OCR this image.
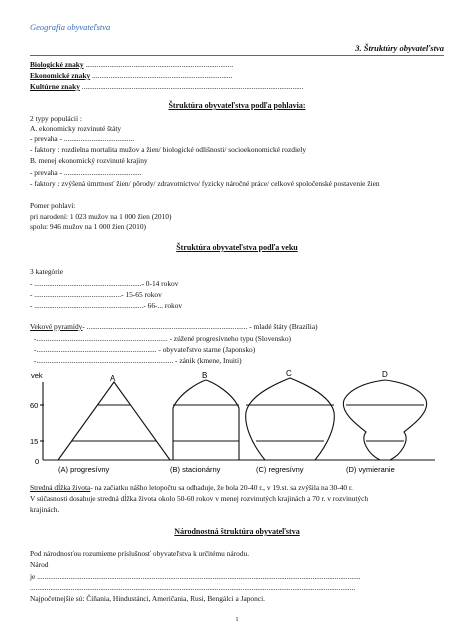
Geografia obyvateľstva
3. Štruktúry obyvateľstva
Biologické znaky ................................................................................
Ekonomické znaky ............................................................................
Kultúrne znaky ........................................................................................................................
Štruktúra obyvateľstva podľa pohlavia:
2 typy populácií :
A. ekonomicky rozvinuté štáty
- prevaha - ......................................
- faktory : rozdielna mortalita mužov a žien/ biologické odlišnosti/ socioekonomické rozdiely
B. menej ekonomický rozvinuté krajiny
- prevaha - ..........................................
- faktory : zvýšená úmrtnosť žien/ pôrody/ zdravotníctvo/ fyzicky náročné práce/ celkové spoločenské postavenie žien
Pomer pohlaví:
pri narodení: 1 023 mužov na 1 000 žien (2010)
spolu: 946 mužov na 1 000 žien (2010)
Štruktúra obyvateľstva podľa veku
3 kategórie
- ..........................................................- 0-14 rokov
- ...............................................- 15-65 rokov
- ...........................................................- 66-... rokov
Vekové pyramídy- ....................................................................................... - mladé štáty (Brazília)
-....................................................................... - zúžené progresívneho typu (Slovensko)
-................................................................. - obyvateľstvo starne (Japonsko)
-.......................................................................... - zánik (kmene, Inuiti)
vek
60
15
0
A	B	C	D
(A) progresívny	(B) stacionárny	(C) regresívny	(D) vymieranie
Stredná dĺžka života- na začiatku nášho letopočtu sa odhaduje, že bola 20-40 r., v 19.st. sa zvýšila na 30-40 r.
V súčasnosti dosahuje stredná dĺžka života okolo 50-60 rokov v menej rozvinutých krajinách a 70 r. v rozvinutých
krajinách.
Národnostná štruktúra obyvateľstva
Pod národnosťou rozumieme príslušnosť obyvateľstva k určitému národu.
Národ
je ...............................................................................................................................................................................
................................................................................................................................................................................
Najpočetnejšie sú: Číňania, Hindustánci, Američania, Rusi, Bengálci a Japonci.
1
